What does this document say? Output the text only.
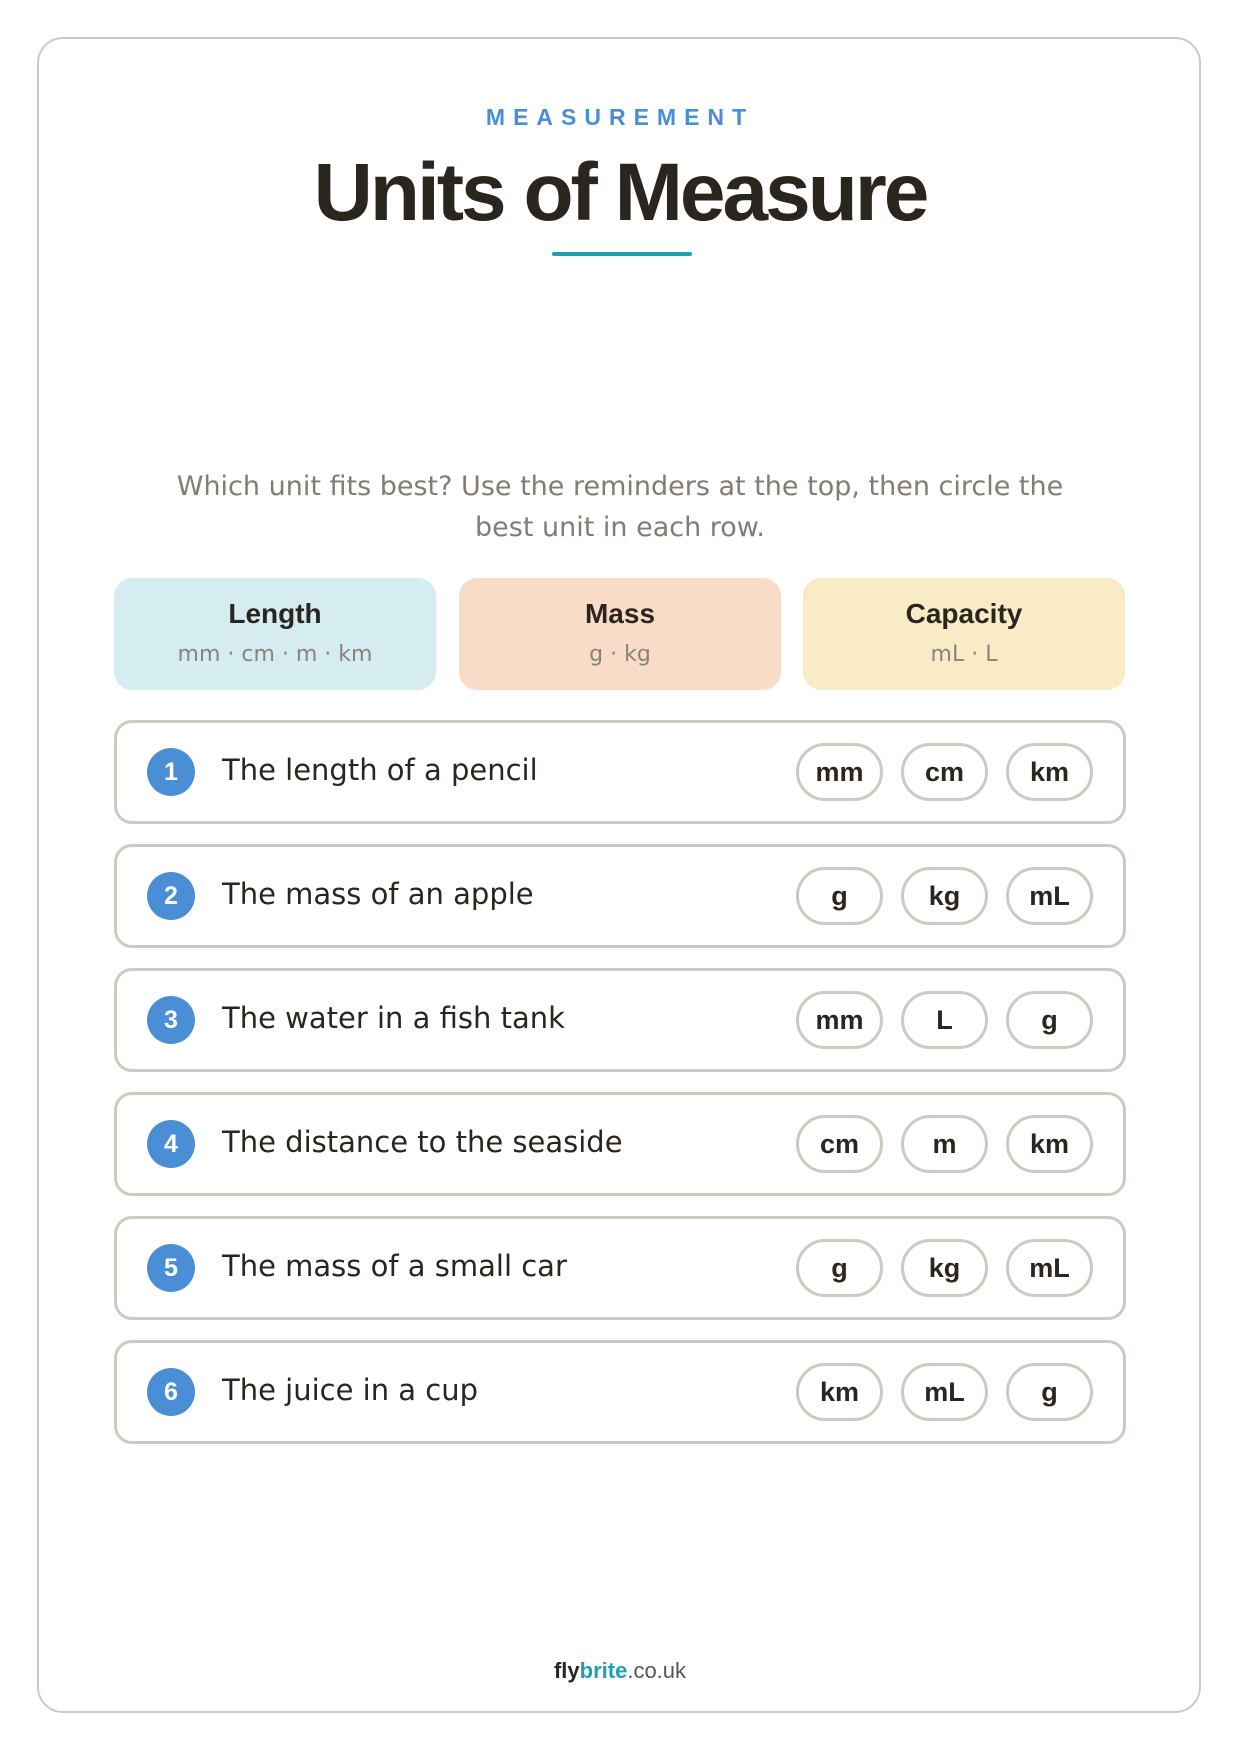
MEASUREMENT
Units of Measure
Which unit fits best? Use the reminders at the top, then circle the best unit in each row.
Length
mm · cm · m · km
Mass
g · kg
Capacity
mL · L
1	The length of a pencil	mm	cm	km
2	The mass of an apple	g	kg	mL
3	The water in a fish tank	mm	L	g
4	The distance to the seaside	cm	m	km
5	The mass of a small car	g	kg	mL
6	The juice in a cup	km	mL	g
flybrite.co.uk
